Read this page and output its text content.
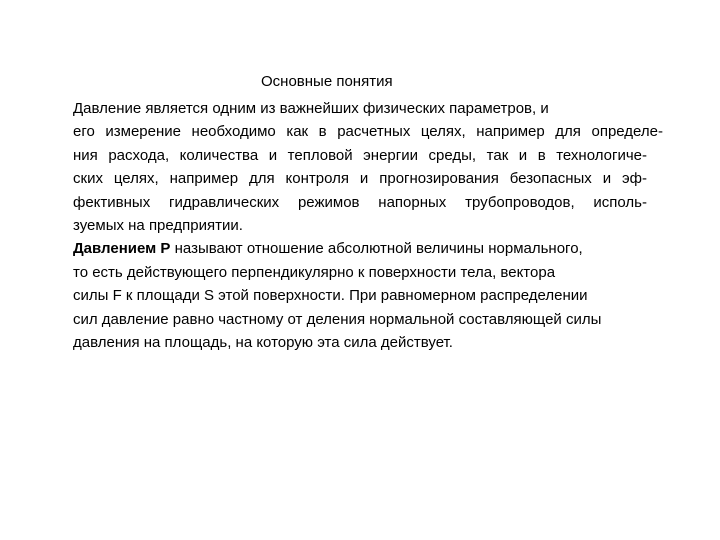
Основные понятия
Давление является одним из важнейших физических параметров, и
его измерение необходимо как в расчетных целях, например для определе-
ния расхода, количества и тепловой энергии среды, так и в технологиче-
ских целях, например для контроля и прогнозирования безопасных и эф-
фективных гидравлических режимов напорных трубопроводов, исполь-
зуемых на предприятии.
Давлением Р называют отношение абсолютной величины нормального,
то есть действующего перпендикулярно к поверхности тела, вектора
силы F к площади S этой поверхности. При равномерном распределении
сил давление равно частному от деления нормальной составляющей силы
давления на площадь, на которую эта сила действует.
